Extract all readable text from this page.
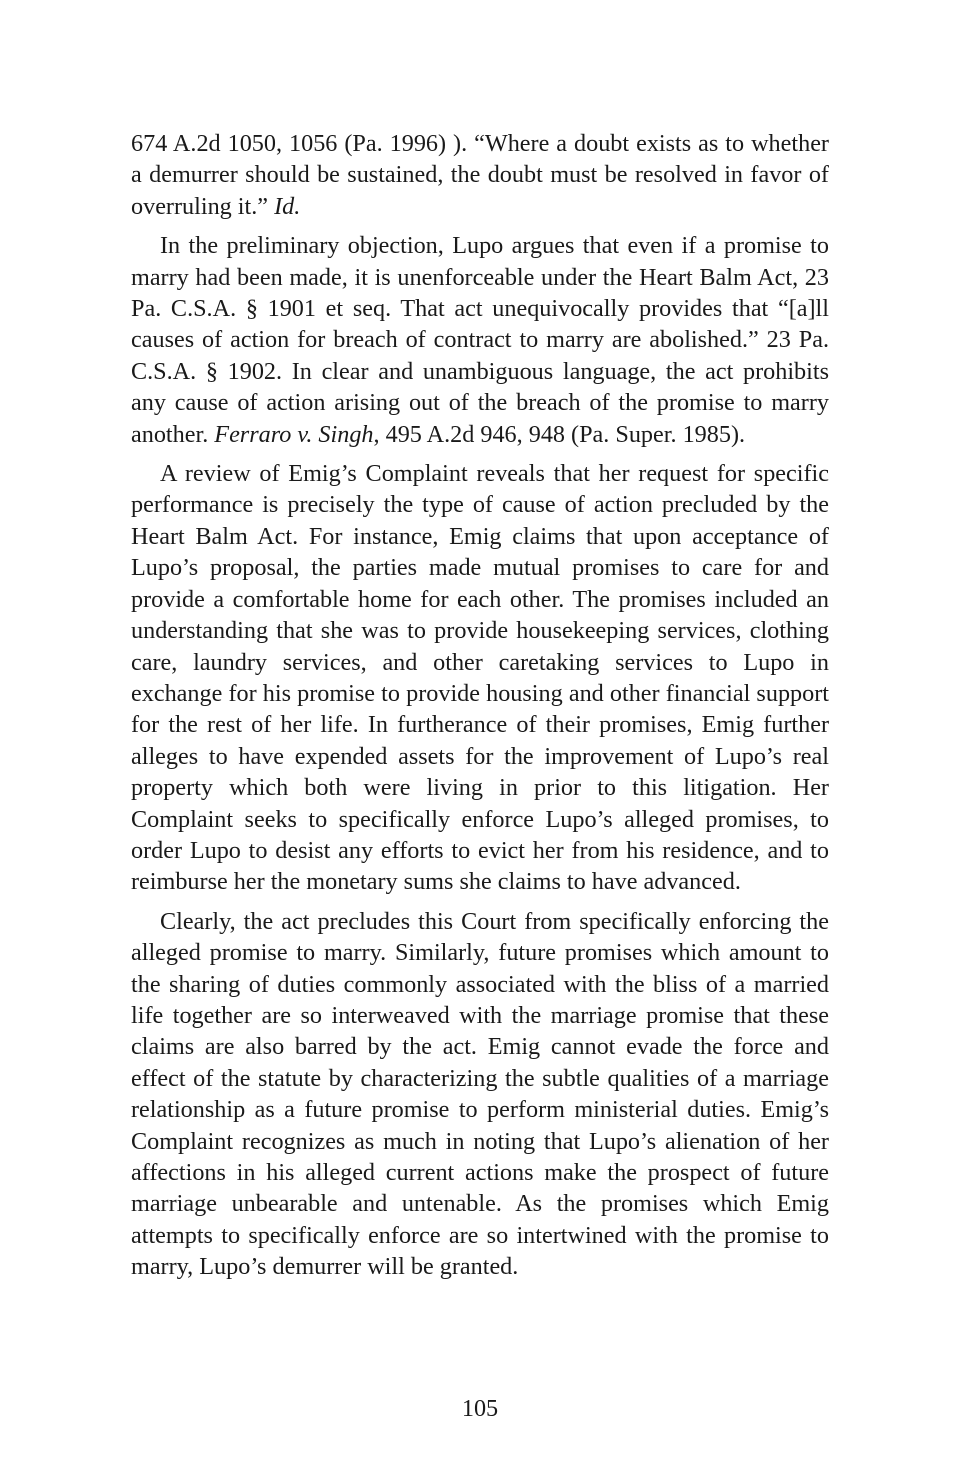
674 A.2d 1050, 1056 (Pa. 1996) ). “Where a doubt exists as to whether a demurrer should be sustained, the doubt must be resolved in favor of overruling it.” Id.

In the preliminary objection, Lupo argues that even if a promise to marry had been made, it is unenforceable under the Heart Balm Act, 23 Pa. C.S.A. § 1901 et seq. That act unequivocally provides that “[a]ll causes of action for breach of contract to marry are abolished.” 23 Pa. C.S.A. § 1902. In clear and unambiguous language, the act prohibits any cause of action arising out of the breach of the promise to marry another. Ferraro v. Singh, 495 A.2d 946, 948 (Pa. Super. 1985).

A review of Emig’s Complaint reveals that her request for specific performance is precisely the type of cause of action precluded by the Heart Balm Act. For instance, Emig claims that upon acceptance of Lupo’s proposal, the parties made mutual promises to care for and provide a comfortable home for each other. The promises included an understanding that she was to provide housekeeping services, clothing care, laundry services, and other caretaking services to Lupo in exchange for his promise to provide housing and other financial support for the rest of her life. In furtherance of their promises, Emig further alleges to have expended assets for the improvement of Lupo’s real property which both were living in prior to this litigation. Her Complaint seeks to specifically enforce Lupo’s alleged promises, to order Lupo to desist any efforts to evict her from his residence, and to reimburse her the monetary sums she claims to have advanced.

Clearly, the act precludes this Court from specifically enforcing the alleged promise to marry. Similarly, future promises which amount to the sharing of duties commonly associated with the bliss of a married life together are so interweaved with the marriage promise that these claims are also barred by the act. Emig cannot evade the force and effect of the statute by characterizing the subtle qualities of a marriage relationship as a future promise to perform ministerial duties. Emig’s Complaint recognizes as much in noting that Lupo’s alienation of her affections in his alleged current actions make the prospect of future marriage unbearable and untenable. As the promises which Emig attempts to specifically enforce are so intertwined with the promise to marry, Lupo’s demurrer will be granted.

105
